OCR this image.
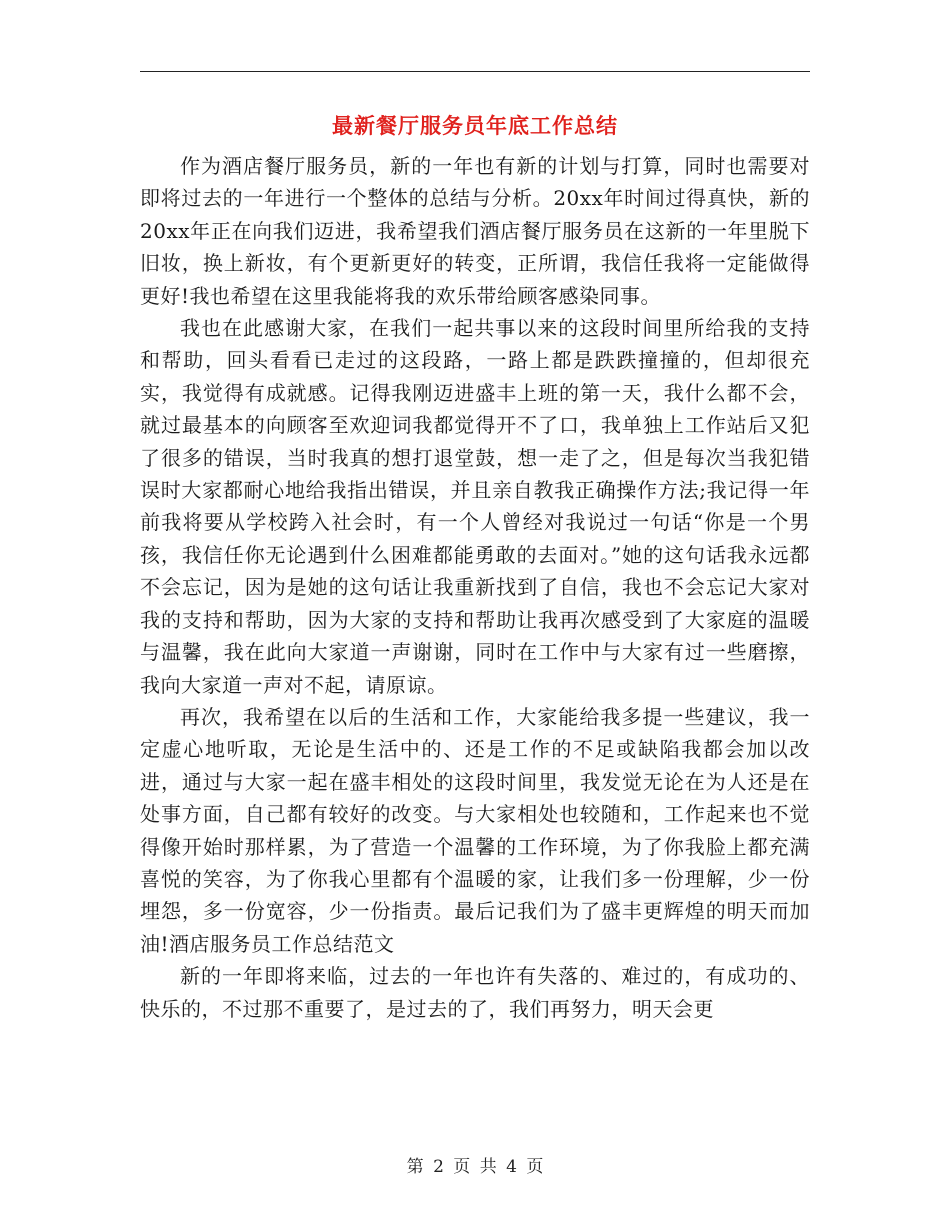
最新餐厅服务员年底工作总结

作为酒店餐厅服务员，新的一年也有新的计划与打算，同时也需要对即将过去的一年进行一个整体的总结与分析。20xx年时间过得真快，新的20xx年正在向我们迈进，我希望我们酒店餐厅服务员在这新的一年里脱下旧妆，换上新妆，有个更新更好的转变，正所谓，我信任我将一定能做得更好!我也希望在这里我能将我的欢乐带给顾客感染同事。

我也在此感谢大家，在我们一起共事以来的这段时间里所给我的支持和帮助，回头看看已走过的这段路，一路上都是跌跌撞撞的，但却很充实，我觉得有成就感。记得我刚迈进盛丰上班的第一天，我什么都不会，就过最基本的向顾客至欢迎词我都觉得开不了口，我单独上工作站后又犯了很多的错误，当时我真的想打退堂鼓，想一走了之，但是每次当我犯错误时大家都耐心地给我指出错误，并且亲自教我正确操作方法;我记得一年前我将要从学校跨入社会时，有一个人曾经对我说过一句话“你是一个男孩，我信任你无论遇到什么困难都能勇敢的去面对。”她的这句话我永远都不会忘记，因为是她的这句话让我重新找到了自信，我也不会忘记大家对我的支持和帮助，因为大家的支持和帮助让我再次感受到了大家庭的温暖与温馨，我在此向大家道一声谢谢，同时在工作中与大家有过一些磨擦，我向大家道一声对不起，请原谅。

再次，我希望在以后的生活和工作，大家能给我多提一些建议，我一定虚心地听取，无论是生活中的、还是工作的不足或缺陷我都会加以改进，通过与大家一起在盛丰相处的这段时间里，我发觉无论在为人还是在处事方面，自己都有较好的改变。与大家相处也较随和，工作起来也不觉得像开始时那样累，为了营造一个温馨的工作环境，为了你我脸上都充满喜悦的笑容，为了你我心里都有个温暖的家，让我们多一份理解，少一份埋怨，多一份宽容，少一份指责。最后记我们为了盛丰更辉煌的明天而加油!酒店服务员工作总结范文

新的一年即将来临，过去的一年也许有失落的、难过的，有成功的、快乐的，不过那不重要了，是过去的了，我们再努力，明天会更

第 2 页 共 4 页
